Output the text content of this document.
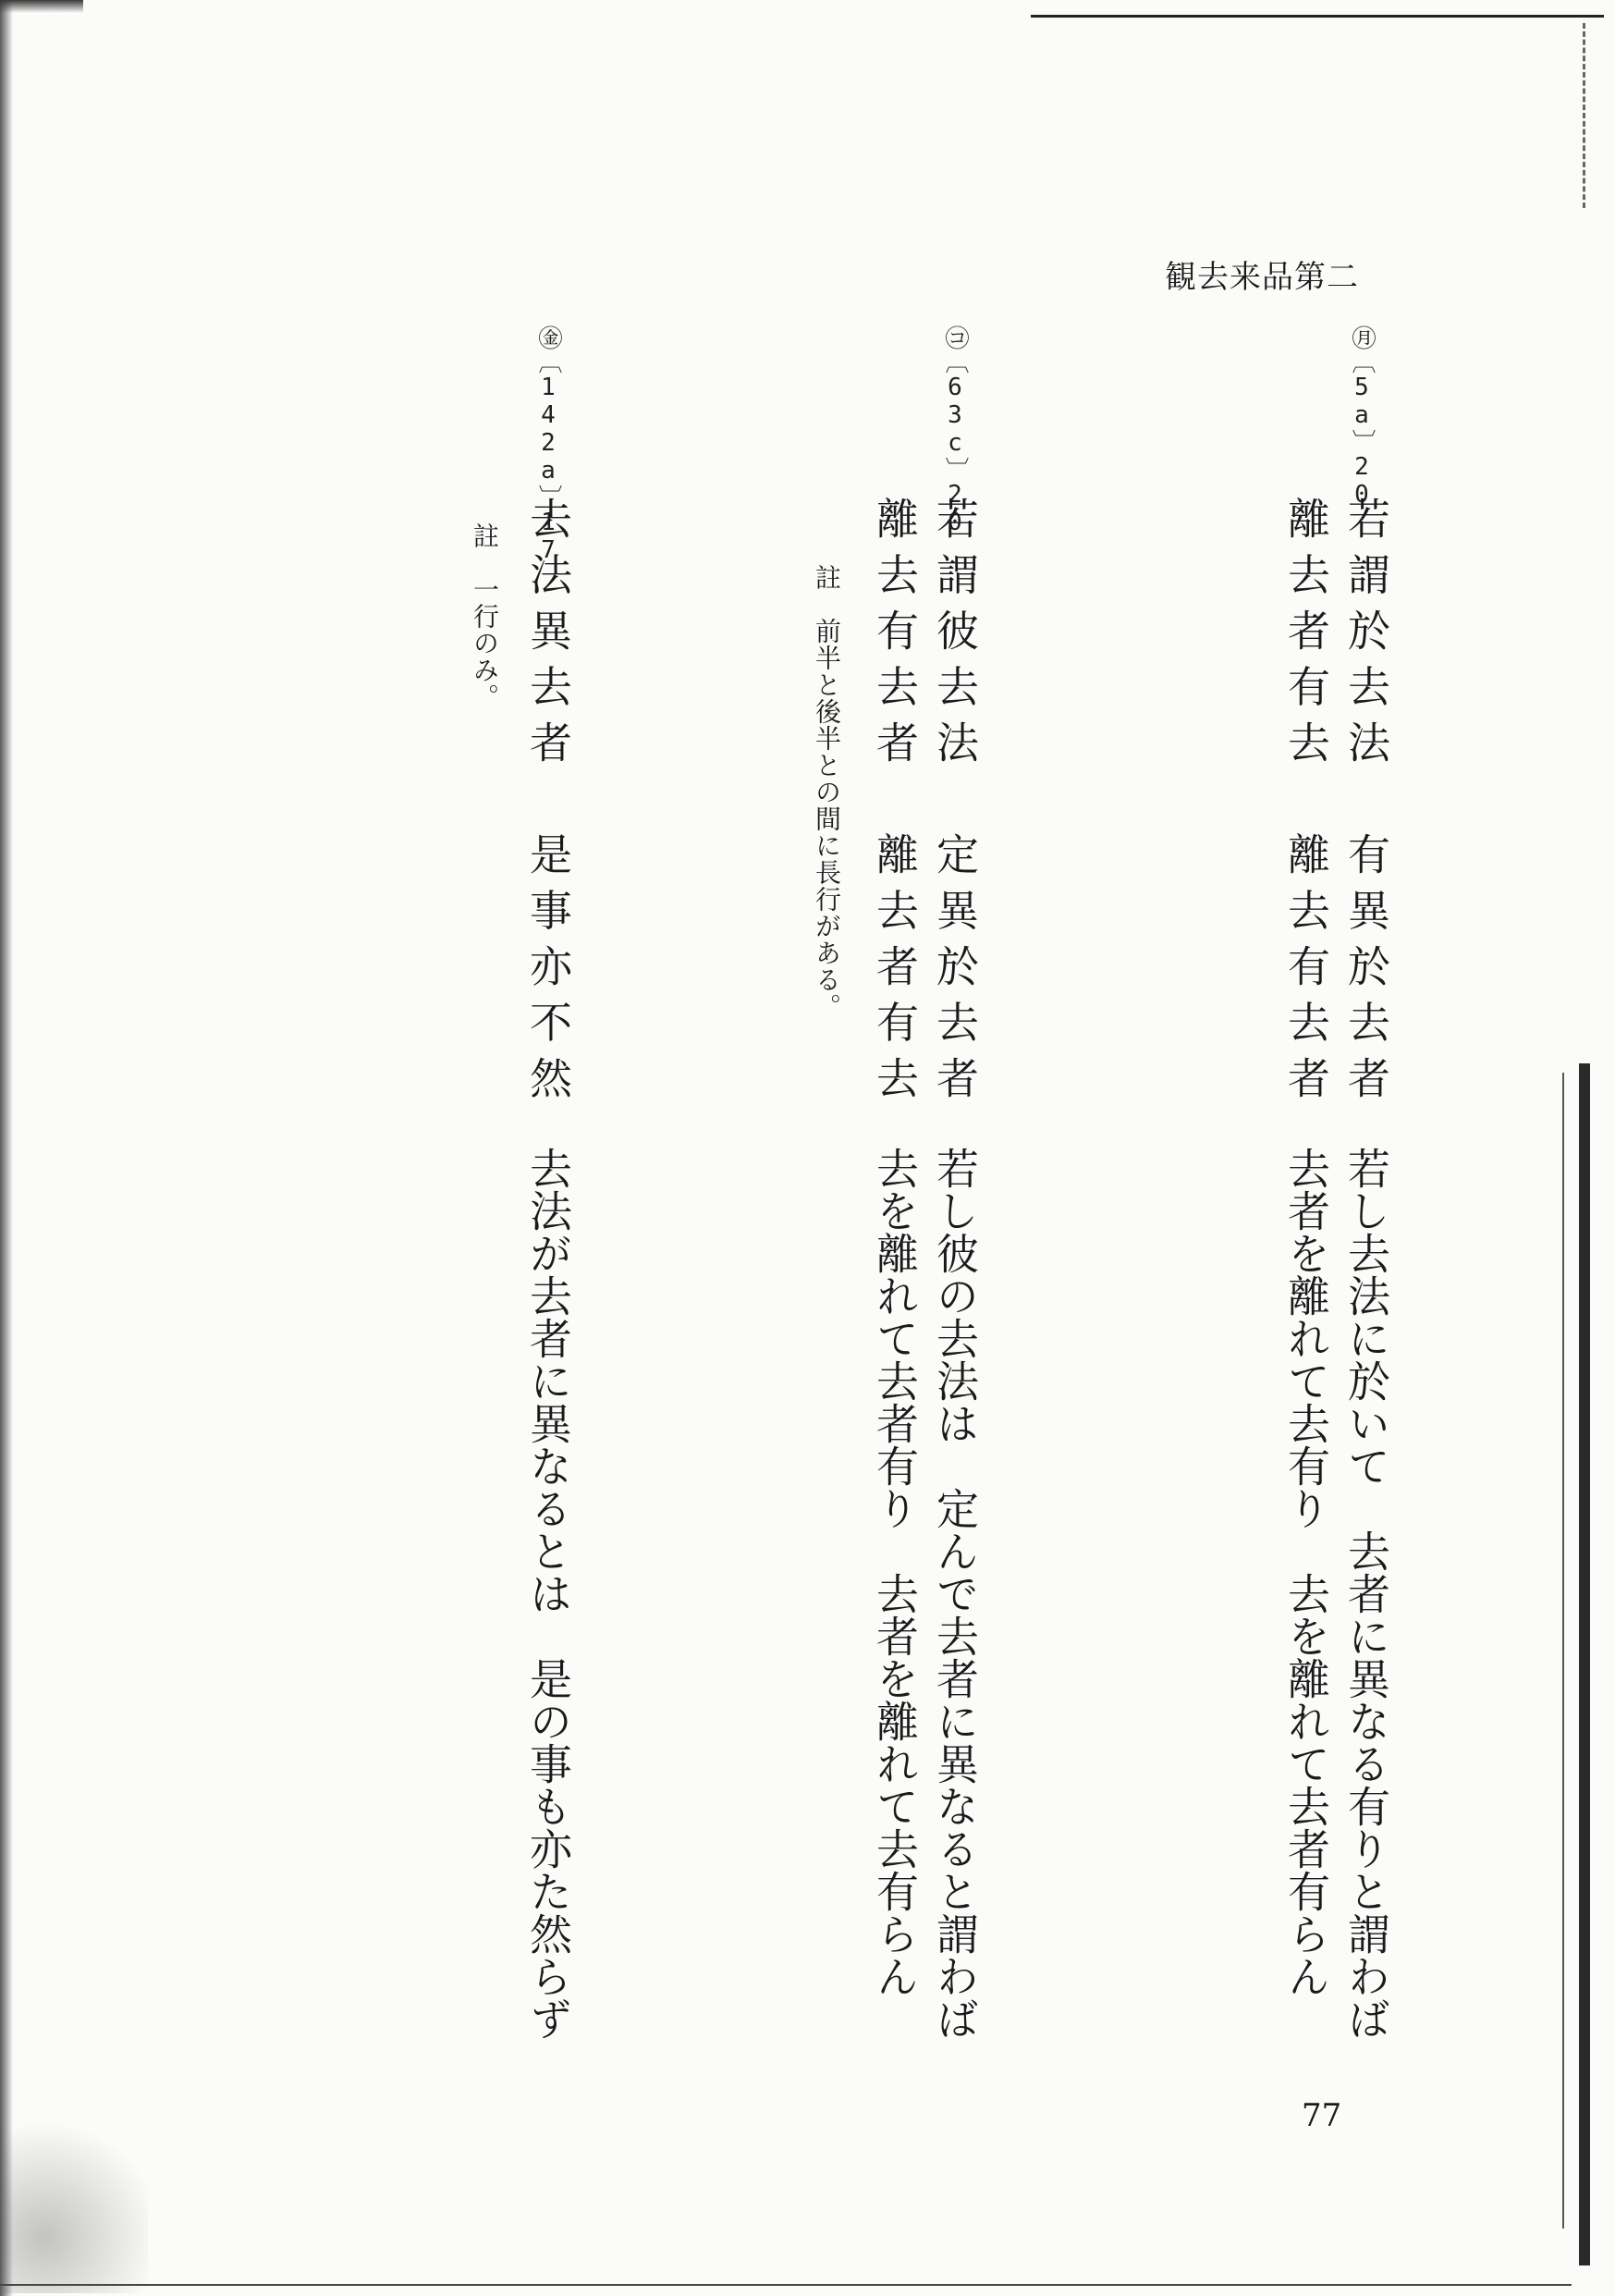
観去来品第二
㊊〔5a〕20
若謂於去法　有異於去者
離去者有去　離去有去者
若し去法に於いて　去者に異なる有りと謂わば
去者を離れて去有り　去を離れて去者有らん
㋙〔63c〕20
若謂彼去法　定異於去者
離去有去者　離去者有去
註　前半と後半との間に長行がある。
若し彼の去法は　定んで去者に異なると謂わば
去を離れて去者有り　去者を離れて去有らん
㊎〔142a〕17
去法異去者　是事亦不然
註　一行のみ。
去法が去者に異なるとは　是の事も亦た然らず
77
